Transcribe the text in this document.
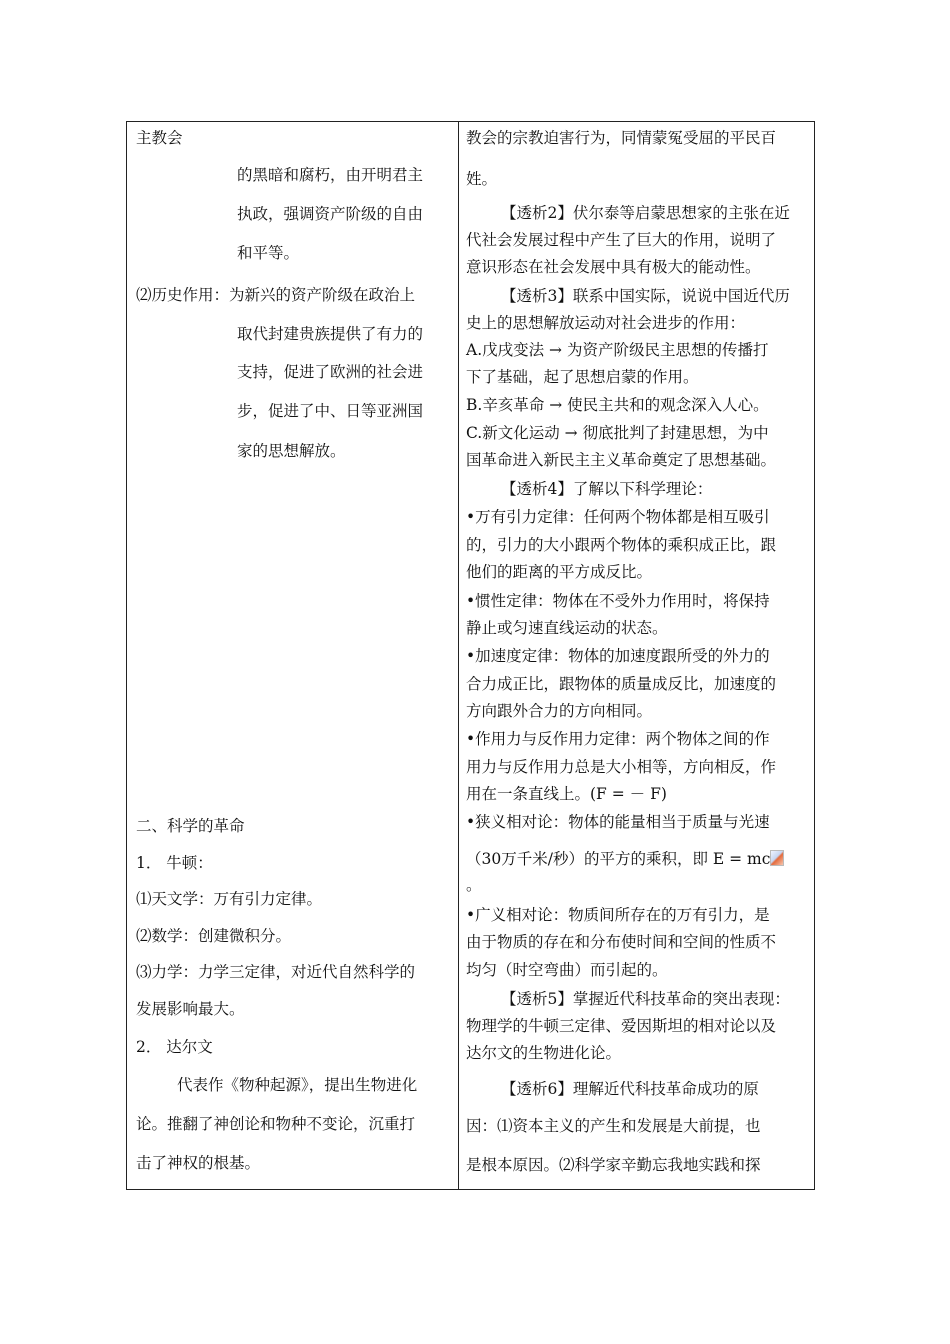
主教会
的黑暗和腐朽，由开明君主
执政，强调资产阶级的自由
和平等。
⑵历史作用：为新兴的资产阶级在政治上
取代封建贵族提供了有力的
支持，促进了欧洲的社会进
步，促进了中、日等亚洲国
家的思想解放。
二、科学的革命
1． 牛顿：
⑴天文学：万有引力定律。
⑵数学：创建微积分。
⑶力学：力学三定律，对近代自然科学的
发展影响最大。
2． 达尔文
代表作《物种起源》，提出生物进化
论。推翻了神创论和物种不变论，沉重打
击了神权的根基。
教会的宗教迫害行为，同情蒙冤受屈的平民百
姓。
【透析2】伏尔泰等启蒙思想家的主张在近
代社会发展过程中产生了巨大的作用，说明了
意识形态在社会发展中具有极大的能动性。
【透析3】联系中国实际，说说中国近代历
史上的思想解放运动对社会进步的作用：
A.戊戌变法 → 为资产阶级民主思想的传播打
下了基础，起了思想启蒙的作用。
B.辛亥革命 → 使民主共和的观念深入人心。
C.新文化运动 → 彻底批判了封建思想，为中
国革命进入新民主主义革命奠定了思想基础。
【透析4】了解以下科学理论：
•万有引力定律：任何两个物体都是相互吸引
的，引力的大小跟两个物体的乘积成正比，跟
他们的距离的平方成反比。
•惯性定律：物体在不受外力作用时，将保持
静止或匀速直线运动的状态。
•加速度定律：物体的加速度跟所受的外力的
合力成正比，跟物体的质量成反比，加速度的
方向跟外合力的方向相同。
•作用力与反作用力定律：两个物体之间的作
用力与反作用力总是大小相等，方向相反，作
用在一条直线上。(F = － F)
•狭义相对论：物体的能量相当于质量与光速
（30万千米/秒）的平方的乘积，即 E = mc
。
•广义相对论：物质间所存在的万有引力，是
由于物质的存在和分布使时间和空间的性质不
均匀（时空弯曲）而引起的。
【透析5】掌握近代科技革命的突出表现：
物理学的牛顿三定律、爱因斯坦的相对论以及
达尔文的生物进化论。
【透析6】理解近代科技革命成功的原
因：⑴资本主义的产生和发展是大前提，也
是根本原因。⑵科学家辛勤忘我地实践和探
